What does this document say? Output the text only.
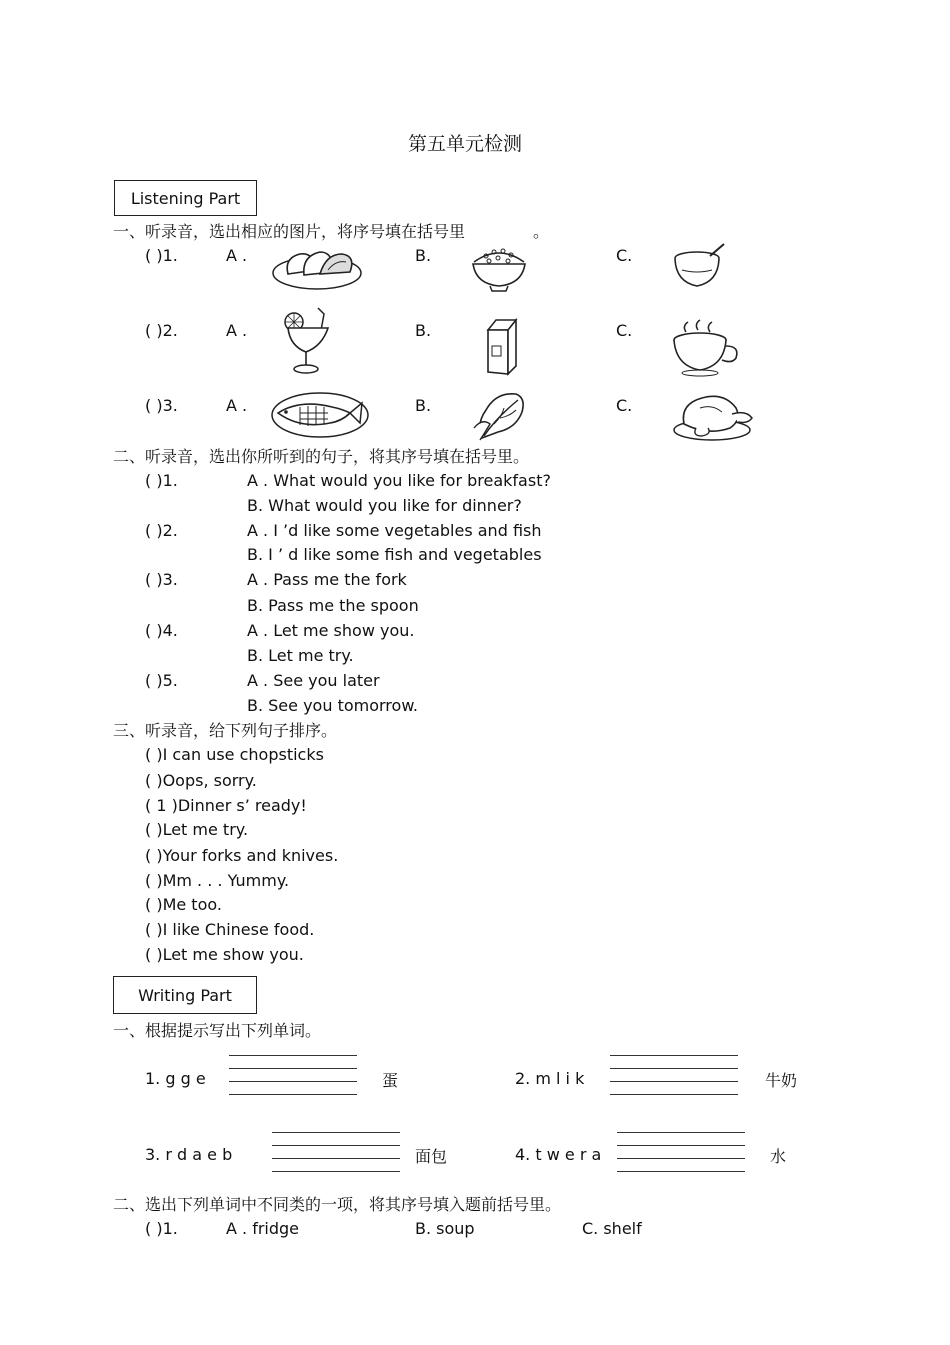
第五单元检测
Listening Part
一、听录音，选出相应的图片，将序号填在括号里	。
( )1.	A .	B.	C.
( )2.	A .	B.	C.
( )3.	A .	B.	C.
二、听录音，选出你所听到的句子，将其序号填在括号里。
( )1.	A . What would you like for breakfast?
B. What would you like for dinner?
( )2.	A . I ’d like some vegetables and fish
B. I ’ d like some fish and vegetables
( )3.	A . Pass me the fork
B. Pass me the spoon
( )4.	A . Let me show you.
B. Let me try.
( )5.	A . See you later
B. See you tomorrow.
三、听录音，给下列句子排序。
( )I can use chopsticks
( )Oops, sorry.
( 1 )Dinner s’ ready!
( )Let me try.
( )Your forks and knives.
( )Mm . . . Yummy.
( )Me too.
( )I like Chinese food.
( )Let me show you.
Writing Part
一、根据提示写出下列单词。
1. g g e	蛋	2. m l i k	牛奶
3. r d a e b	面包	4. t w e r a	水
二、选出下列单词中不同类的一项，将其序号填入题前括号里。
( )1.	A . fridge	B. soup	C. shelf
